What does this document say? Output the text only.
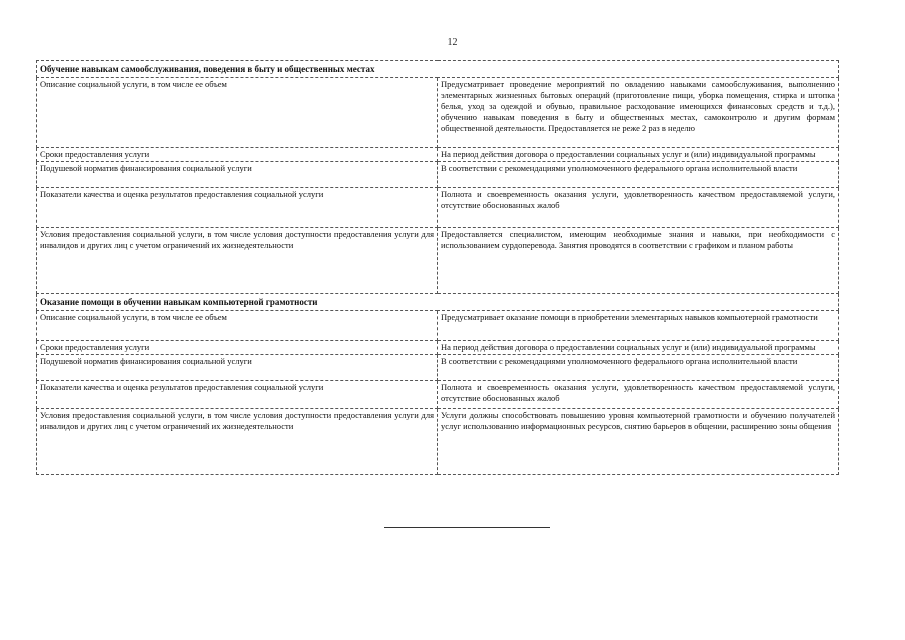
12
Обучение навыкам самообслуживания, поведения в быту и общественных местах	
Описание социальной услуги, в том числе ее объем	Предусматривает проведение мероприятий по овладению навыками самообслуживания, выполнению элементарных жизненных бытовых операций (приготовление пищи, уборка помещения, стирка и штопка белья, уход за одеждой и обувью, правильное расходование имеющихся финансовых средств и т.д.), обучению навыкам поведения в быту и общественных местах, самоконтролю и другим формам общественной деятельности. Предоставляется не реже 2 раз в неделю
Сроки предоставления услуги	На период действия договора о предоставлении социальных услуг и (или) индивидуальной программы
Подушевой норматив финансирования социальной услуги	В соответствии с рекомендациями уполномоченного федерального органа исполнительной власти
Показатели качества и оценка результатов предоставления социальной услуги	Полнота и своевременность оказания услуги, удовлетворенность качеством предоставляемой услуги, отсутствие обоснованных жалоб
Условия предоставления социальной услуги, в том числе условия доступности предоставления услуги для инвалидов и других лиц с учетом ограничений их жизнедеятельности	Предоставляется специалистом, имеющим необходимые знания и навыки, при необходимости с использованием сурдоперевода. Занятия проводятся в соответствии с графиком и планом работы
Оказание помощи в обучении навыкам компьютерной грамотности	
Описание социальной услуги, в том числе ее объем	Предусматривает оказание помощи в приобретении элементарных навыков компьютерной грамотности
Сроки предоставления услуги	На период действия договора о предоставлении социальных услуг и (или) индивидуальной программы
Подушевой норматив финансирования социальной услуги	В соответствии с рекомендациями уполномоченного федерального органа исполнительной власти
Показатели качества и оценка результатов предоставления социальной услуги	Полнота и своевременность оказания услуги, удовлетворенность качеством предоставляемой услуги, отсутствие обоснованных жалоб
Условия предоставления социальной услуги, в том числе условия доступности предоставления услуги для инвалидов и других лиц с учетом ограничений их жизнедеятельности	Услуги должны способствовать повышению уровня компьютерной грамотности и обучению получателей услуг использованию информационных ресурсов, снятию барьеров в общении, расширению зоны общения
